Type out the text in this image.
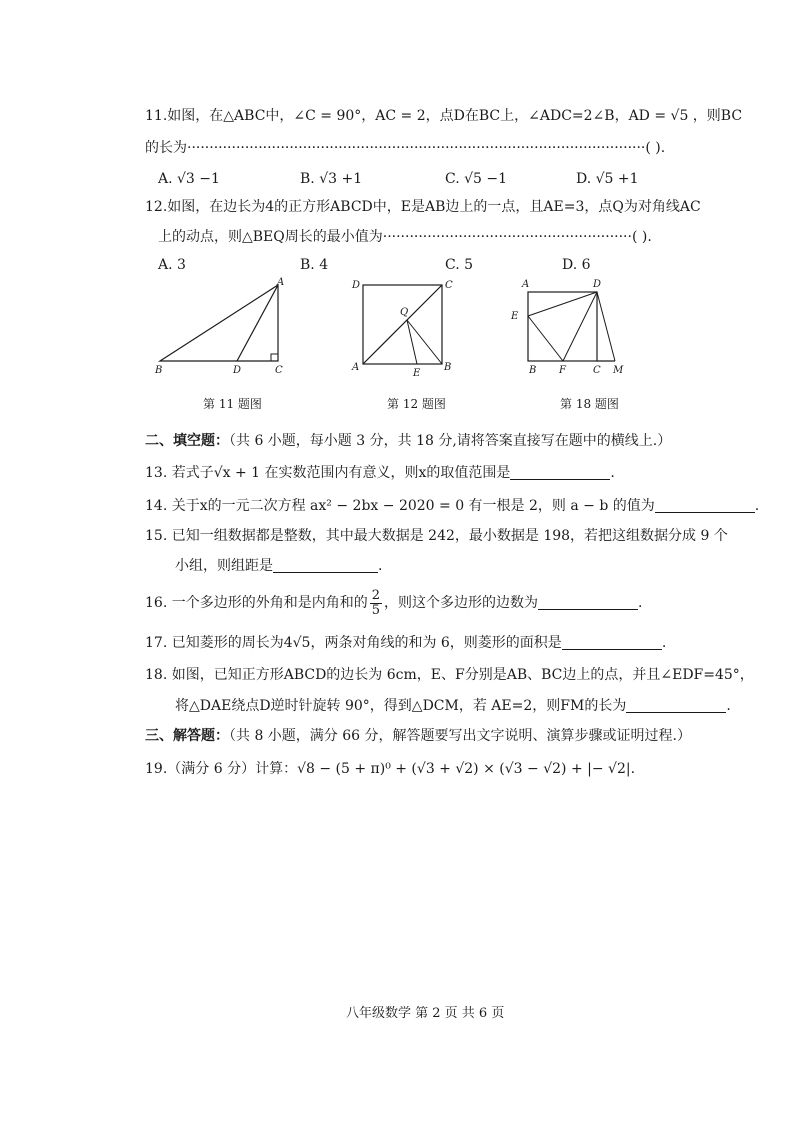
11.如图，在△ABC中，∠C = 90°，AC = 2，点D在BC上，∠ADC=2∠B，AD = √5 ，则BC
的长为·······································································································( ).
A. √3 −1	B. √3 +1	C. √5 −1	D. √5 +1
12.如图，在边长为4的正方形ABCD中，E是AB边上的一点，且AE=3，点Q为对角线AC
上的动点，则△BEQ周长的最小值为························································( ).
A. 3	B. 4	C. 5	D. 6
A
B	D	C
第 11 题图
D	C
Q
A
E
B
第 12 题图
A	D
E
B F	C M
第 18 题图
二、填空题：（共 6 小题，每小题 3 分，共 18 分,请将答案直接写在题中的横线上.）
13. 若式子√x + 1 在实数范围内有意义，则x的取值范围是	.
14. 关于x的一元二次方程 ax² − 2bx − 2020 = 0 有一根是 2，则 a − b 的值为	.
15. 已知一组数据都是整数，其中最大数据是 242，最小数据是 198，若把这组数据分成 9 个
小组，则组距是	.
16. 一个多边形的外角和是内角和的 $\frac{2}{5}$ ，则这个多边形的边数为	.
17. 已知菱形的周长为4√5，两条对角线的和为 6，则菱形的面积是	.
18. 如图，已知正方形ABCD的边长为 6cm，E、F分别是AB、BC边上的点，并且∠EDF=45°，
将△DAE绕点D逆时针旋转 90°，得到△DCM，若 AE=2，则FM的长为	.
三、解答题：（共 8 小题，满分 66 分，解答题要写出文字说明、演算步骤或证明过程.）
19.（满分 6 分）计算：√8 − (5 + π)⁰ + (√3 + √2) × (√3 − √2) + |− √2|.
八年级数学 第 2 页 共 6 页
